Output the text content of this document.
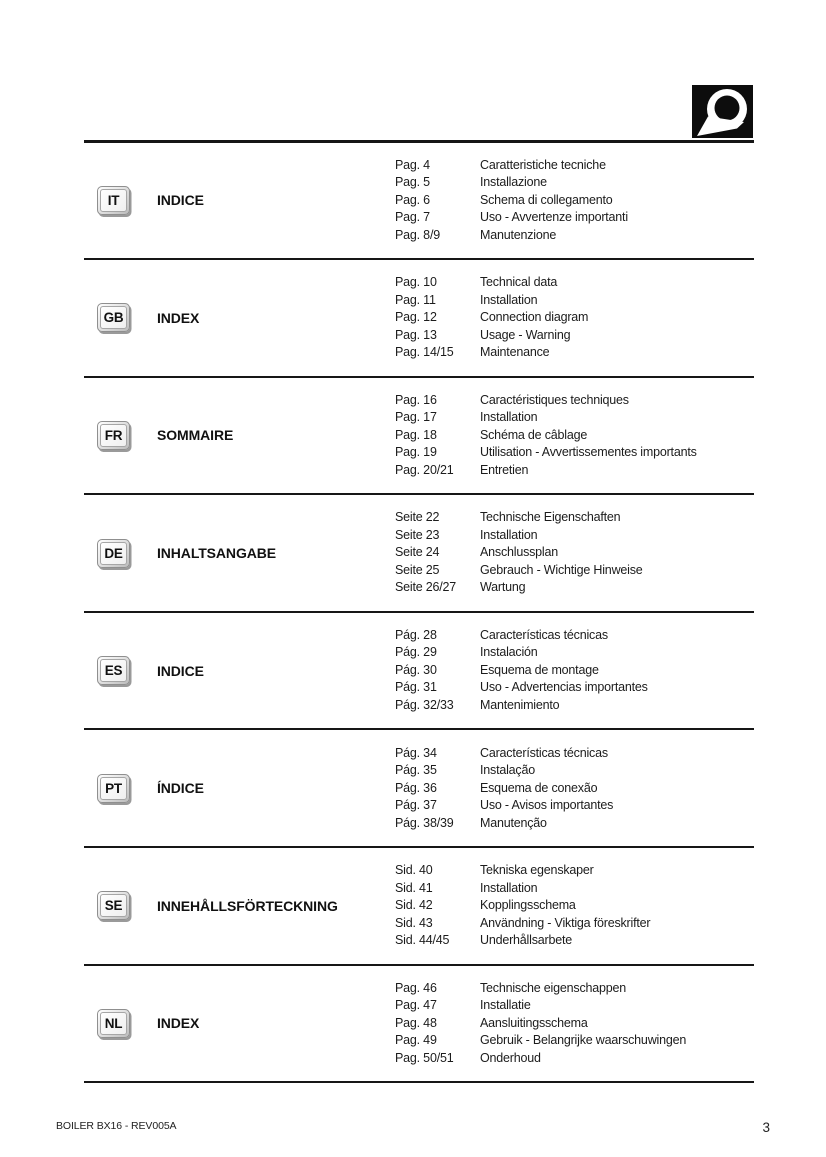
IT	INDICE
Pag. 4	Caratteristiche tecniche
Pag. 5	Installazione
Pag. 6	Schema di collegamento
Pag. 7	Uso - Avvertenze importanti
Pag. 8/9	Manutenzione
GB INDEX
Pag. 10	Technical data
Pag. 11	Installation
Pag. 12	Connection diagram
Pag. 13	Usage - Warning
Pag. 14/15	Maintenance
FR	SOMMAIRE
Pag. 16	Caractéristiques techniques
Pag. 17	Installation
Pag. 18	Schéma de câblage
Pag. 19	Utilisation - Avvertissementes importants
Pag. 20/21	Entretien
DE	INHALTSANGABE
Seite 22	Technische Eigenschaften
Seite 23	Installation
Seite 24	Anschlussplan
Seite 25	Gebrauch - Wichtige Hinweise
Seite 26/27	Wartung
ES	INDICE
Pág. 28	Características técnicas
Pág. 29	Instalación
Pág. 30	Esquema de montage
Pág. 31	Uso - Advertencias importantes
Pág. 32/33	Mantenimiento
PT	ÍNDICE
Pág. 34	Características técnicas
Pág. 35	Instalação
Pág. 36	Esquema de conexão
Pág. 37	Uso - Avisos importantes
Pág. 38/39	Manutenção
SE	INNEHÅLLSFÖRTECKNING
Sid. 40	Tekniska egenskaper
Sid. 41	Installation
Sid. 42	Kopplingsschema
Sid. 43	Användning - Viktiga föreskrifter
Sid. 44/45	Underhållsarbete
NL	INDEX
Pag. 46	Technische eigenschappen
Pag. 47	Installatie
Pag. 48	Aansluitingsschema
Pag. 49	Gebruik - Belangrijke waarschuwingen
Pag. 50/51	Onderhoud
BOILER BX16 - REV005A	3
